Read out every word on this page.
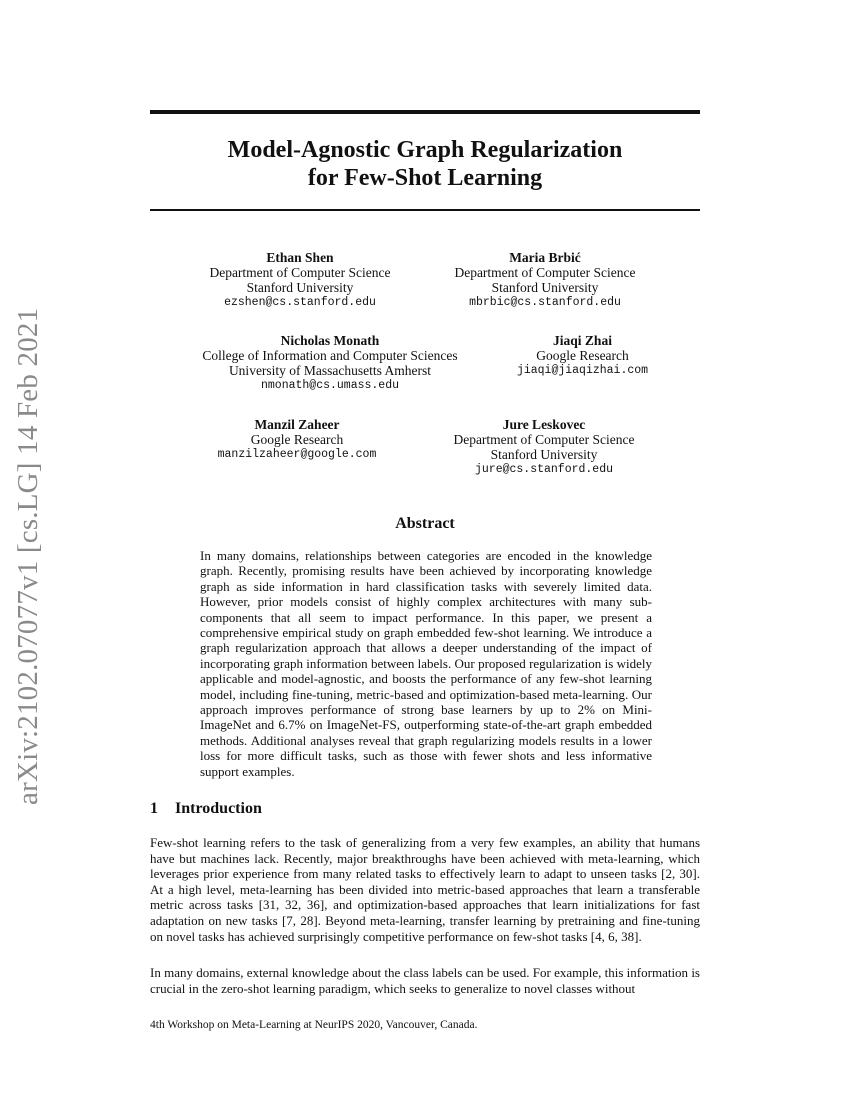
arXiv:2102.07077v1 [cs.LG] 14 Feb 2021
Model-Agnostic Graph Regularization
for Few-Shot Learning
Ethan Shen
Department of Computer Science
Stanford University
ezshen@cs.stanford.edu
Maria Brbić
Department of Computer Science
Stanford University
mbrbic@cs.stanford.edu
Nicholas Monath
College of Information and Computer Sciences
University of Massachusetts Amherst
nmonath@cs.umass.edu
Jiaqi Zhai
Google Research
jiaqi@jiaqizhai.com
Manzil Zaheer
Google Research
manzilzaheer@google.com
Jure Leskovec
Department of Computer Science
Stanford University
jure@cs.stanford.edu
Abstract
In many domains, relationships between categories are encoded in the knowledge graph. Recently, promising results have been achieved by incorporating knowledge graph as side information in hard classification tasks with severely limited data. However, prior models consist of highly complex architectures with many sub-components that all seem to impact performance. In this paper, we present a comprehensive empirical study on graph embedded few-shot learning. We introduce a graph regularization approach that allows a deeper understanding of the impact of incorporating graph information between labels. Our proposed regularization is widely applicable and model-agnostic, and boosts the performance of any few-shot learning model, including fine-tuning, metric-based and optimization-based meta-learning. Our approach improves performance of strong base learners by up to 2% on Mini-ImageNet and 6.7% on ImageNet-FS, outperforming state-of-the-art graph embedded methods. Additional analyses reveal that graph regularizing models results in a lower loss for more difficult tasks, such as those with fewer shots and less informative support examples.
1 Introduction

Few-shot learning refers to the task of generalizing from a very few examples, an ability that humans have but machines lack. Recently, major breakthroughs have been achieved with meta-learning, which leverages prior experience from many related tasks to effectively learn to adapt to unseen tasks [2, 30]. At a high level, meta-learning has been divided into metric-based approaches that learn a transferable metric across tasks [31, 32, 36], and optimization-based approaches that learn initializations for fast adaptation on new tasks [7, 28]. Beyond meta-learning, transfer learning by pretraining and fine-tuning on novel tasks has achieved surprisingly competitive performance on few-shot tasks [4, 6, 38].

In many domains, external knowledge about the class labels can be used. For example, this information is crucial in the zero-shot learning paradigm, which seeks to generalize to novel classes without

4th Workshop on Meta-Learning at NeurIPS 2020, Vancouver, Canada.
